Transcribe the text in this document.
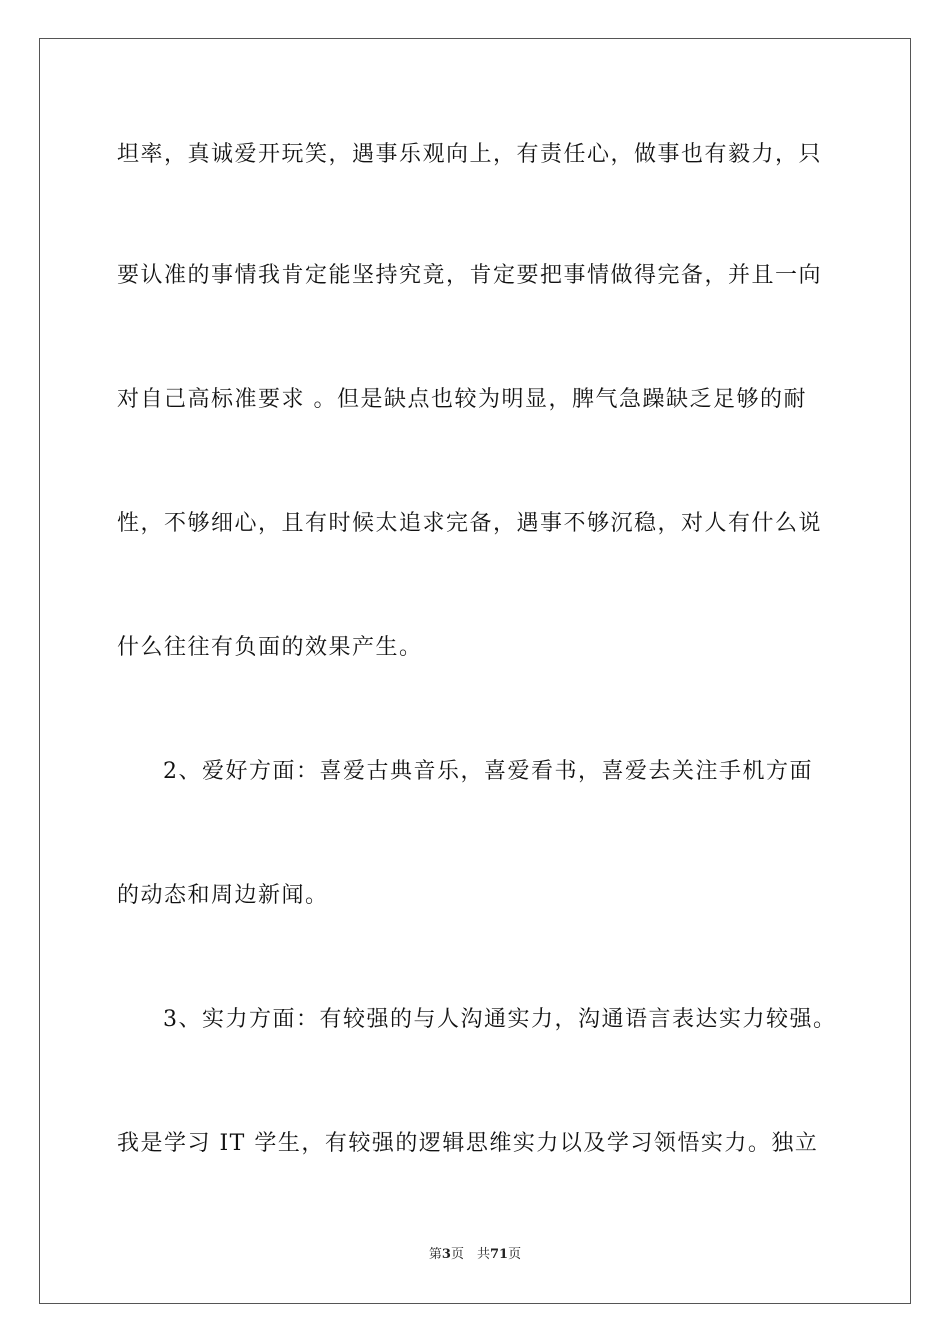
坦率，真诚爱开玩笑，遇事乐观向上，有责任心，做事也有毅力，只
要认准的事情我肯定能坚持究竟，肯定要把事情做得完备，并且一向
对自己高标准要求 。但是缺点也较为明显，脾气急躁缺乏足够的耐
性，不够细心，且有时候太追求完备，遇事不够沉稳，对人有什么说
什么往往有负面的效果产生。
2、爱好方面：喜爱古典音乐，喜爱看书，喜爱去关注手机方面
的动态和周边新闻。
3、实力方面：有较强的与人沟通实力，沟通语言表达实力较强。
我是学习 IT 学生，有较强的逻辑思维实力以及学习领悟实力。独立
第3页　共71页
